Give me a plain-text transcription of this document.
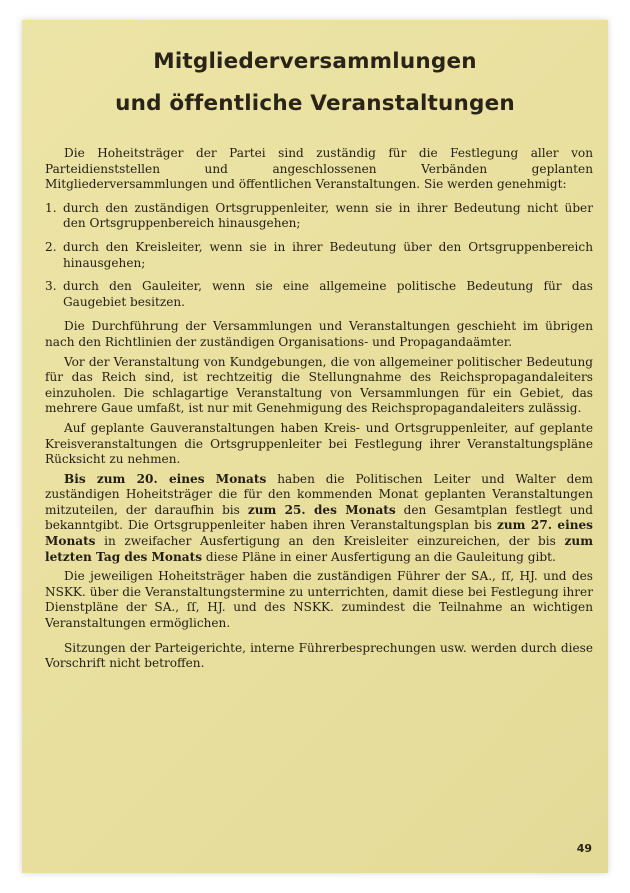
Mitgliederversammlungen
und öffentliche Veranstaltungen

Die Hoheitsträger der Partei sind zuständig für die Festlegung aller von Parteidienststellen und angeschlossenen Verbänden geplanten Mitgliederversammlungen und öffentlichen Veranstaltungen. Sie werden genehmigt:

1. durch den zuständigen Ortsgruppenleiter, wenn sie in ihrer Bedeutung nicht über den Ortsgruppenbereich hinausgehen;
2. durch den Kreisleiter, wenn sie in ihrer Bedeutung über den Ortsgruppenbereich hinausgehen;
3. durch den Gauleiter, wenn sie eine allgemeine politische Bedeutung für das Gaugebiet besitzen.

Die Durchführung der Versammlungen und Veranstaltungen geschieht im übrigen nach den Richtlinien der zuständigen Organisations- und Propagandaämter.

Vor der Veranstaltung von Kundgebungen, die von allgemeiner politischer Bedeutung für das Reich sind, ist rechtzeitig die Stellungnahme des Reichspropagandaleiters einzuholen. Die schlagartige Veranstaltung von Versammlungen für ein Gebiet, das mehrere Gaue umfaßt, ist nur mit Genehmigung des Reichspropagandaleiters zulässig.

Auf geplante Gauveranstaltungen haben Kreis- und Ortsgruppenleiter, auf geplante Kreisveranstaltungen die Ortsgruppenleiter bei Festlegung ihrer Veranstaltungspläne Rücksicht zu nehmen.

Bis zum 20. eines Monats haben die Politischen Leiter und Walter dem zuständigen Hoheitsträger die für den kommenden Monat geplanten Veranstaltungen mitzuteilen, der daraufhin bis zum 25. des Monats den Gesamtplan festlegt und bekanntgibt. Die Ortsgruppenleiter haben ihren Veranstaltungsplan bis zum 27. eines Monats in zweifacher Ausfertigung an den Kreisleiter einzureichen, der bis zum letzten Tag des Monats diese Pläne in einer Ausfertigung an die Gauleitung gibt.

Die jeweiligen Hoheitsträger haben die zuständigen Führer der SA., ſſ, HJ. und des NSKK. über die Veranstaltungstermine zu unterrichten, damit diese bei Festlegung ihrer Dienstpläne der SA., ſſ, HJ. und des NSKK. zumindest die Teilnahme an wichtigen Veranstaltungen ermöglichen.

Sitzungen der Parteigerichte, interne Führerbesprechungen usw. werden durch diese Vorschrift nicht betroffen.

49
